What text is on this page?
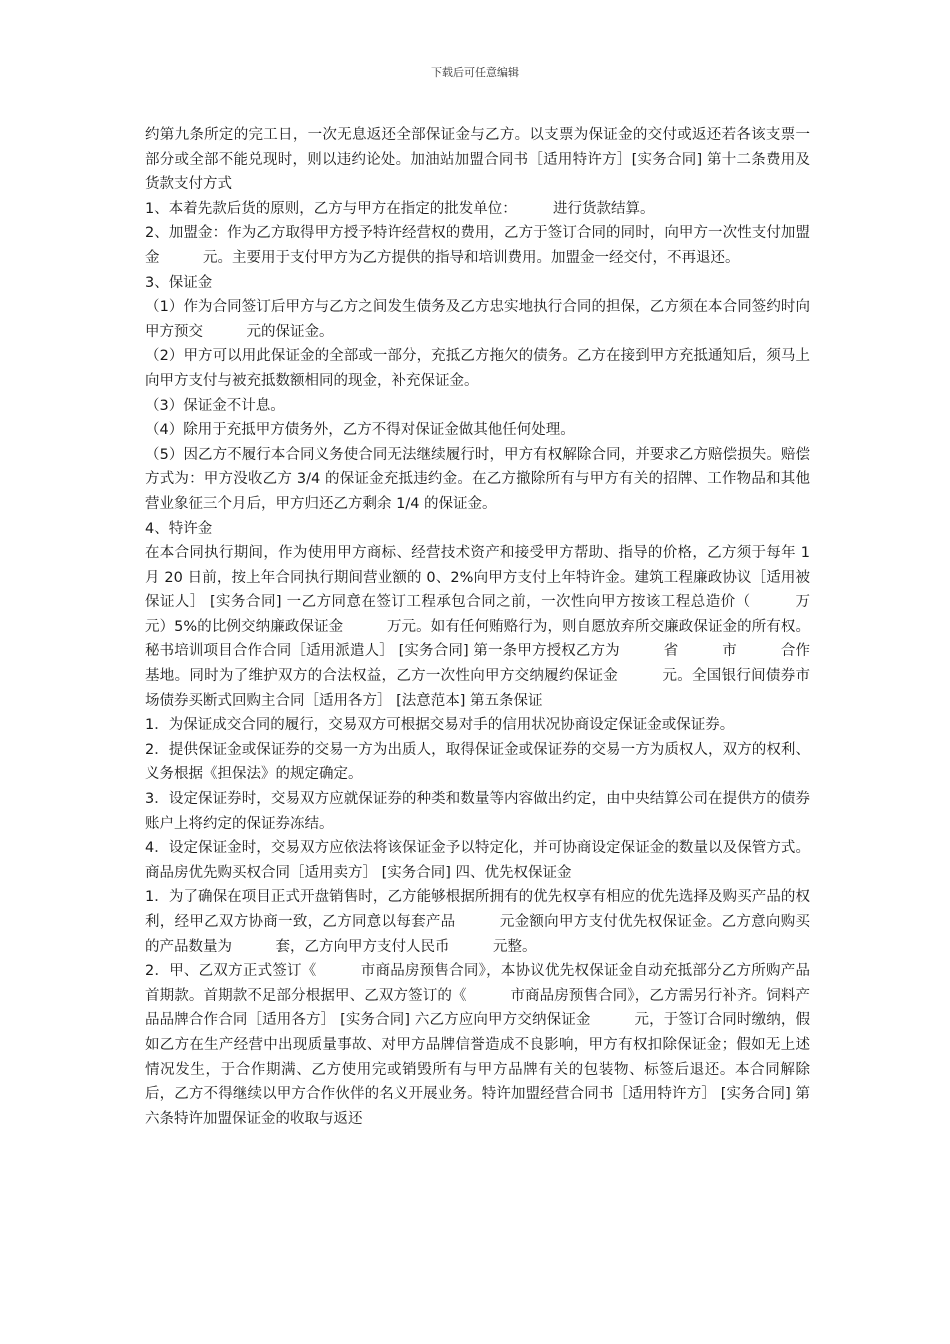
下载后可任意编辑

约第九条所定的完工日，一次无息返还全部保证金与乙方。以支票为保证金的交付或返还若各该支票一部分或全部不能兑现时，则以违约论处。加油站加盟合同书［适用特许方］[实务合同] 第十二条费用及货款支付方式

1、本着先款后货的原则，乙方与甲方在指定的批发单位：　　　进行货款结算。

2、加盟金：作为乙方取得甲方授予特许经营权的费用，乙方于签订合同的同时，向甲方一次性支付加盟金　　　元。主要用于支付甲方为乙方提供的指导和培训费用。加盟金一经交付，不再退还。

3、保证金

（1）作为合同签订后甲方与乙方之间发生债务及乙方忠实地执行合同的担保，乙方须在本合同签约时向甲方预交　　　元的保证金。

（2）甲方可以用此保证金的全部或一部分，充抵乙方拖欠的债务。乙方在接到甲方充抵通知后，须马上向甲方支付与被充抵数额相同的现金，补充保证金。

（3）保证金不计息。

（4）除用于充抵甲方债务外，乙方不得对保证金做其他任何处理。

（5）因乙方不履行本合同义务使合同无法继续履行时，甲方有权解除合同，并要求乙方赔偿损失。赔偿方式为：甲方没收乙方 3/4 的保证金充抵违约金。在乙方撤除所有与甲方有关的招牌、工作物品和其他营业象征三个月后，甲方归还乙方剩余 1/4 的保证金。

4、特许金

在本合同执行期间，作为使用甲方商标、经营技术资产和接受甲方帮助、指导的价格，乙方须于每年 1 月 20 日前，按上年合同执行期间营业额的 0、2%向甲方支付上年特许金。建筑工程廉政协议［适用被保证人］ [实务合同] 一乙方同意在签订工程承包合同之前，一次性向甲方按该工程总造价（　　　万元）5%的比例交纳廉政保证金　　　万元。如有任何贿赂行为，则自愿放弃所交廉政保证金的所有权。秘书培训项目合作合同［适用派遣人］ [实务合同] 第一条甲方授权乙方为　　　省　　　市　　　合作基地。同时为了维护双方的合法权益，乙方一次性向甲方交纳履约保证金　　　元。全国银行间债券市场债券买断式回购主合同［适用各方］ [法意范本] 第五条保证

1．为保证成交合同的履行，交易双方可根据交易对手的信用状况协商设定保证金或保证券。

2．提供保证金或保证券的交易一方为出质人，取得保证金或保证券的交易一方为质权人，双方的权利、义务根据《担保法》的规定确定。

3．设定保证券时，交易双方应就保证券的种类和数量等内容做出约定，由中央结算公司在提供方的债券账户上将约定的保证券冻结。

4．设定保证金时，交易双方应依法将该保证金予以特定化，并可协商设定保证金的数量以及保管方式。商品房优先购买权合同［适用卖方］ [实务合同] 四、优先权保证金

1．为了确保在项目正式开盘销售时，乙方能够根据所拥有的优先权享有相应的优先选择及购买产品的权利，经甲乙双方协商一致，乙方同意以每套产品　　　元金额向甲方支付优先权保证金。乙方意向购买的产品数量为　　　套，乙方向甲方支付人民币　　　元整。

2．甲、乙双方正式签订《　　　市商品房预售合同》，本协议优先权保证金自动充抵部分乙方所购产品首期款。首期款不足部分根据甲、乙双方签订的《　　　市商品房预售合同》，乙方需另行补齐。饲料产品品牌合作合同［适用各方］ [实务合同] 六乙方应向甲方交纳保证金　　　元，于签订合同时缴纳，假如乙方在生产经营中出现质量事故、对甲方品牌信誉造成不良影响，甲方有权扣除保证金；假如无上述情况发生，于合作期满、乙方使用完或销毁所有与甲方品牌有关的包装物、标签后退还。本合同解除后，乙方不得继续以甲方合作伙伴的名义开展业务。特许加盟经营合同书［适用特许方］ [实务合同] 第六条特许加盟保证金的收取与返还
